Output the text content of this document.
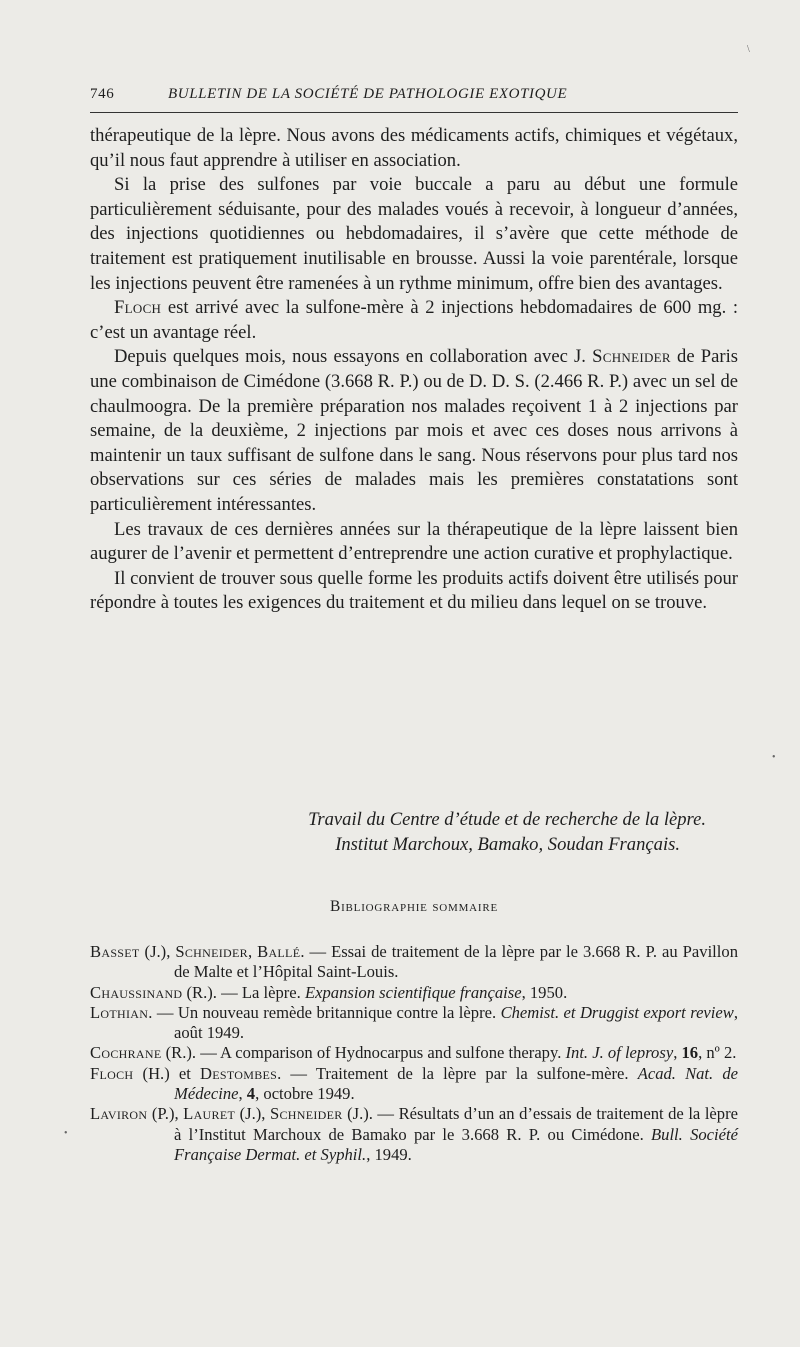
746	BULLETIN DE LA SOCIÉTÉ DE PATHOLOGIE EXOTIQUE

thérapeutique de la lèpre. Nous avons des médicaments actifs, chimiques et végétaux, qu’il nous faut apprendre à utiliser en association.

Si la prise des sulfones par voie buccale a paru au début une formule particulièrement séduisante, pour des malades voués à recevoir, à longueur d’années, des injections quotidiennes ou hebdomadaires, il s’avère que cette méthode de traitement est pratiquement inutilisable en brousse. Aussi la voie parentérale, lorsque les injections peuvent être ramenées à un rythme minimum, offre bien des avantages.

Floch est arrivé avec la sulfone-mère à 2 injections hebdomadaires de 600 mg. : c’est un avantage réel.

Depuis quelques mois, nous essayons en collaboration avec J. Schneider de Paris une combinaison de Cimédone (3.668 R. P.) ou de D. D. S. (2.466 R. P.) avec un sel de chaulmoogra. De la première préparation nos malades reçoivent 1 à 2 injections par semaine, de la deuxième, 2 injections par mois et avec ces doses nous arrivons à maintenir un taux suffisant de sulfone dans le sang. Nous réservons pour plus tard nos observations sur ces séries de malades mais les premières constatations sont particulièrement intéressantes.

Les travaux de ces dernières années sur la thérapeutique de la lèpre laissent bien augurer de l’avenir et permettent d’entreprendre une action curative et prophylactique.

Il convient de trouver sous quelle forme les produits actifs doivent être utilisés pour répondre à toutes les exigences du traitement et du milieu dans lequel on se trouve.

Travail du Centre d’étude et de recherche de la lèpre.
Institut Marchoux, Bamako, Soudan Français.
Bibliographie sommaire
Basset (J.), Schneider, Ballé. — Essai de traitement de la lèpre par le 3.668 R. P. au Pavillon de Malte et l’Hôpital Saint-Louis.
Chaussinand (R.). — La lèpre. Expansion scientifique française, 1950.
Lothian. — Un nouveau remède britannique contre la lèpre. Chemist. et Druggist export review, août 1949.
Cochrane (R.). — A comparison of Hydnocarpus and sulfone therapy. Int. J. of leprosy, 16, nº 2.
Floch (H.) et Destombes. — Traitement de la lèpre par la sulfone-mère. Acad. Nat. de Médecine, 4, octobre 1949.
Laviron (P.), Lauret (J.), Schneider (J.). — Résultats d’un an d’essais de traitement de la lèpre à l’Institut Marchoux de Bamako par le 3.668 R. P. ou Cimédone. Bull. Société Française Dermat. et Syphil., 1949.
\
•
•
